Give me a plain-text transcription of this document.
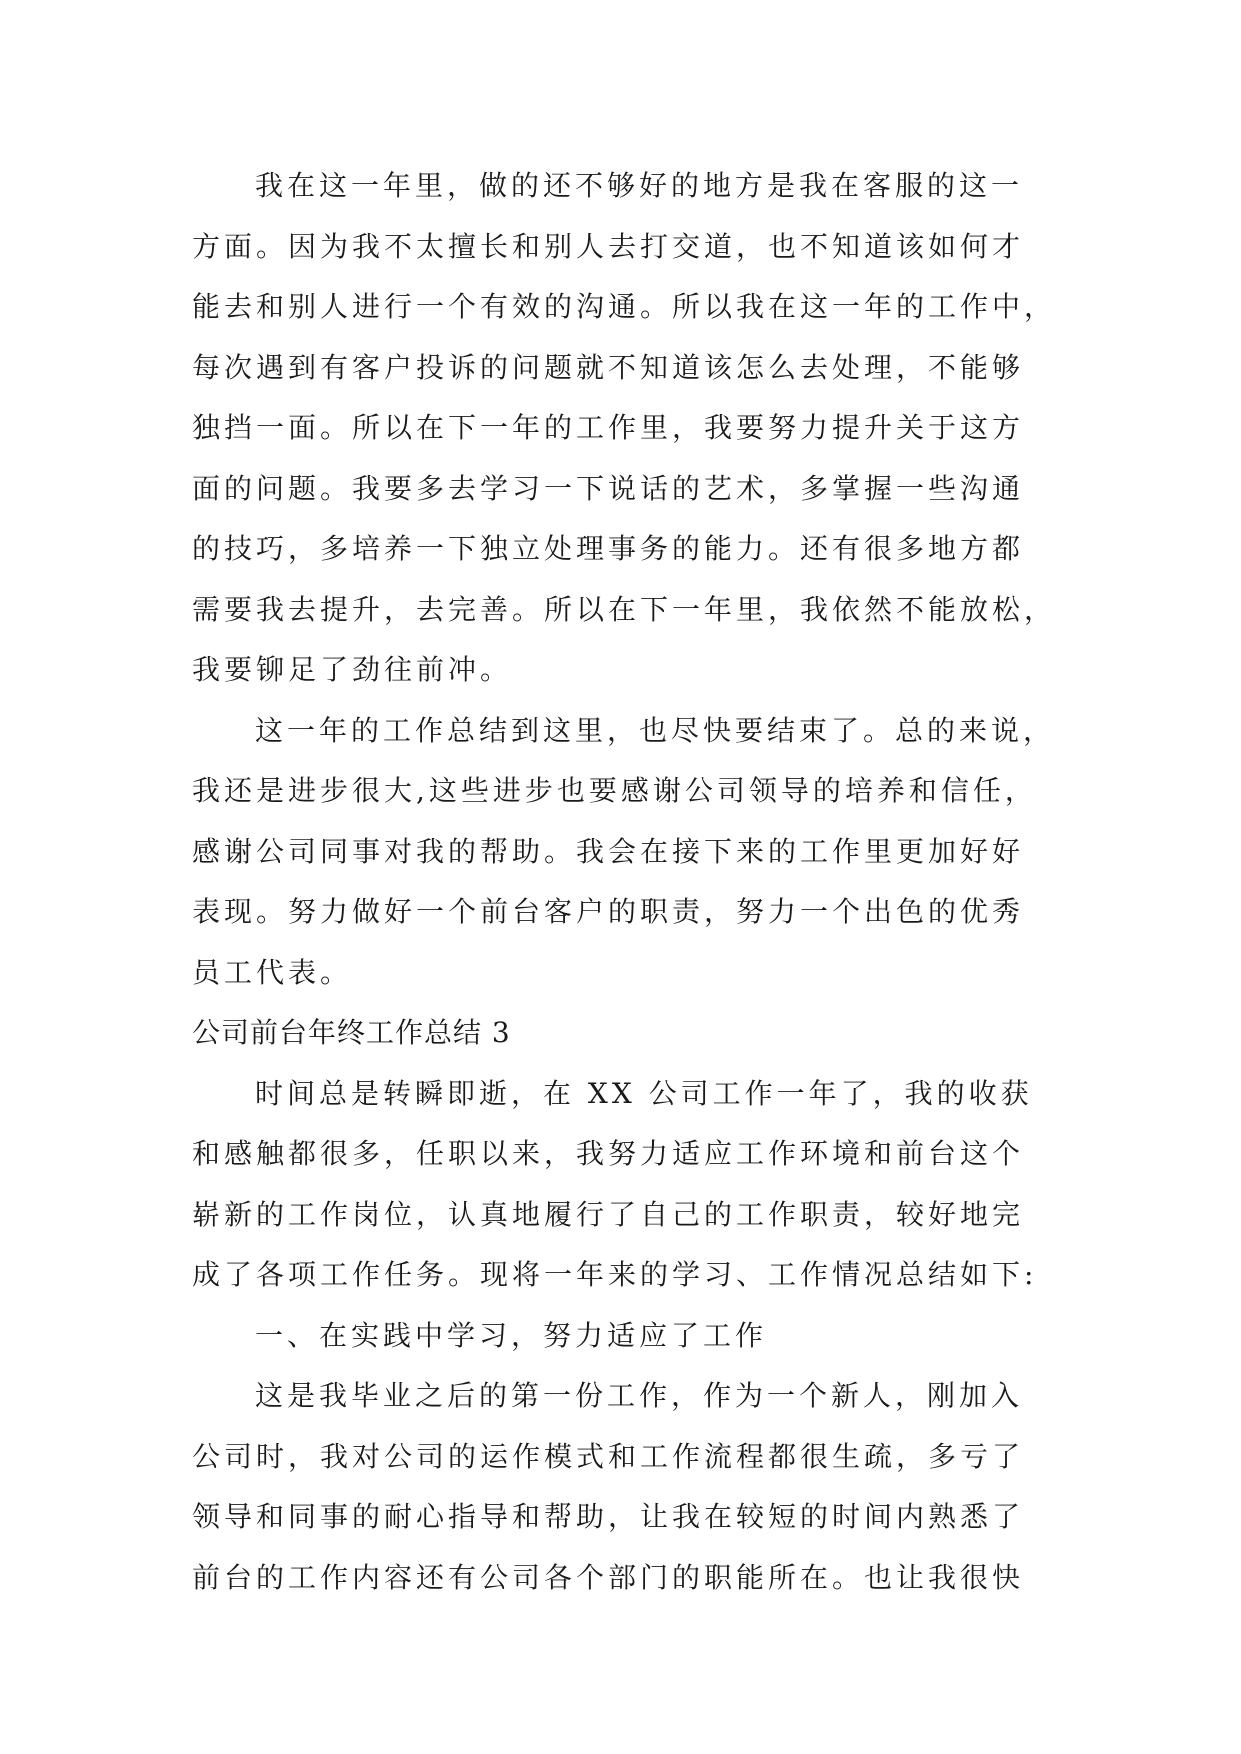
我在这一年里，做的还不够好的地方是我在客服的这一
方面。因为我不太擅长和别人去打交道，也不知道该如何才
能去和别人进行一个有效的沟通。所以我在这一年的工作中，
每次遇到有客户投诉的问题就不知道该怎么去处理，不能够
独挡一面。所以在下一年的工作里，我要努力提升关于这方
面的问题。我要多去学习一下说话的艺术，多掌握一些沟通
的技巧，多培养一下独立处理事务的能力。还有很多地方都
需要我去提升，去完善。所以在下一年里，我依然不能放松，
我要铆足了劲往前冲。
这一年的工作总结到这里，也尽快要结束了。总的来说，
我还是进步很大,这些进步也要感谢公司领导的培养和信任，
感谢公司同事对我的帮助。我会在接下来的工作里更加好好
表现。努力做好一个前台客户的职责，努力一个出色的优秀
员工代表。
公司前台年终工作总结 3
时间总是转瞬即逝，在 XX 公司工作一年了，我的收获
和感触都很多，任职以来，我努力适应工作环境和前台这个
崭新的工作岗位，认真地履行了自己的工作职责，较好地完
成了各项工作任务。现将一年来的学习、工作情况总结如下:
一、在实践中学习，努力适应了工作
这是我毕业之后的第一份工作，作为一个新人，刚加入
公司时，我对公司的运作模式和工作流程都很生疏，多亏了
领导和同事的耐心指导和帮助，让我在较短的时间内熟悉了
前台的工作内容还有公司各个部门的职能所在。也让我很快
